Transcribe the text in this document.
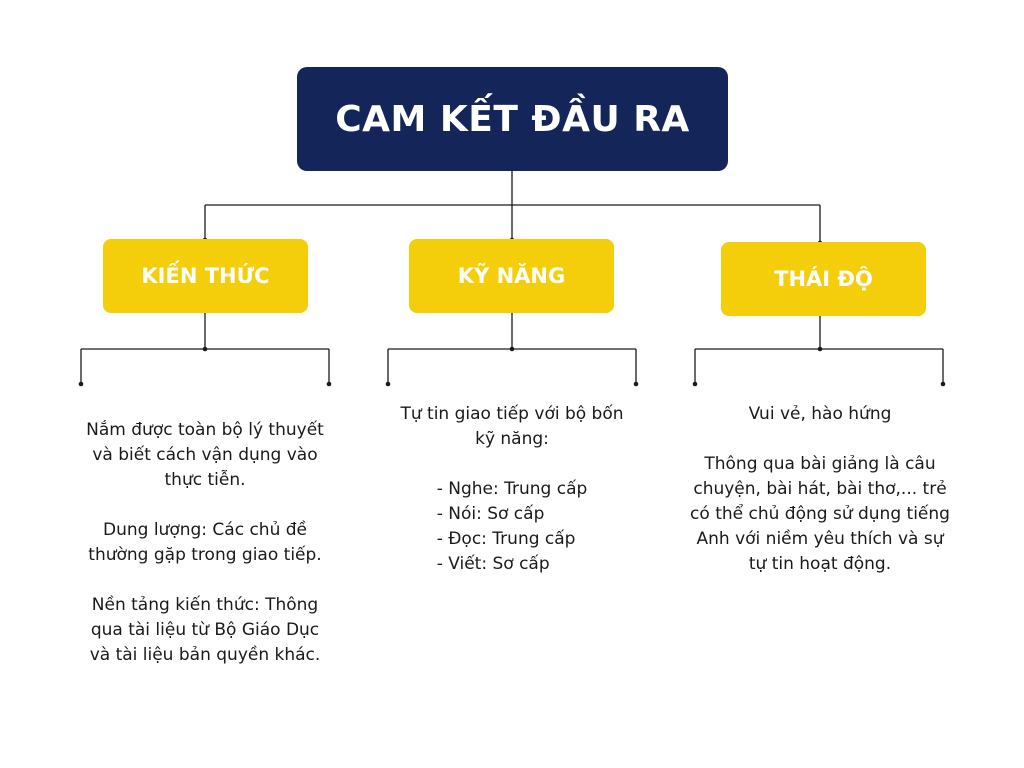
CAM KẾT ĐẦU RA
KIẾN THỨC	KỸ NĂNG	THÁI ĐỘ

Nắm được toàn bộ lý thuyết và biết cách vận dụng vào thực tiễn.

Dung lượng: Các chủ đề thường gặp trong giao tiếp.

Nền tảng kiến thức: Thông qua tài liệu từ Bộ Giáo Dục và tài liệu bản quyền khác.

Tự tin giao tiếp với bộ bốn kỹ năng:

- Nghe: Trung cấp
- Nói: Sơ cấp
- Đọc: Trung cấp
- Viết: Sơ cấp

Vui vẻ, hào hứng

Thông qua bài giảng là câu chuyện, bài hát, bài thơ,... trẻ có thể chủ động sử dụng tiếng Anh với niềm yêu thích và sự tự tin hoạt động.
